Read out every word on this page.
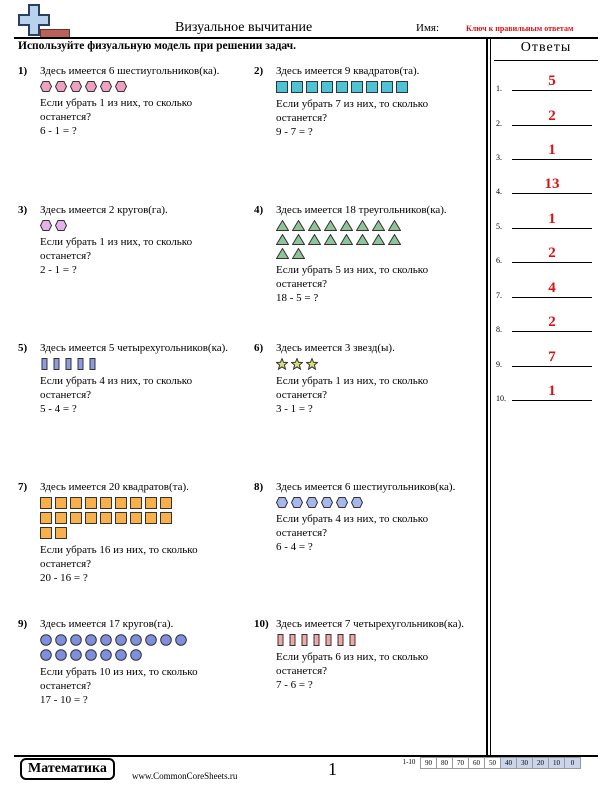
Визуальное вычитание	Имя:	Ключ к правильным ответам
Используйте физуальную модель при решении задач.	Ответы
1) Здесь имеется 6 шестиугольников(ка).
Если убрать 1 из них, то сколько останется?
6 - 1 = ?
2) Здесь имеется 9 квадратов(та).
Если убрать 7 из них, то сколько останется?
9 - 7 = ?
3) Здесь имеется 2 кругов(га).
Если убрать 1 из них, то сколько останется?
2 - 1 = ?
4) Здесь имеется 18 треугольников(ка).
Если убрать 5 из них, то сколько останется?
18 - 5 = ?
5) Здесь имеется 5 четырехугольников(ка).
Если убрать 4 из них, то сколько останется?
5 - 4 = ?
6) Здесь имеется 3 звезд(ы).
Если убрать 1 из них, то сколько останется?
3 - 1 = ?
7) Здесь имеется 20 квадратов(та).
Если убрать 16 из них, то сколько останется?
20 - 16 = ?
8) Здесь имеется 6 шестиугольников(ка).
Если убрать 4 из них, то сколько останется?
6 - 4 = ?
9) Здесь имеется 17 кругов(га).
Если убрать 10 из них, то сколько останется?
17 - 10 = ?
10) Здесь имеется 7 четырехугольников(ка).
Если убрать 6 из них, то сколько останется?
7 - 6 = ?
1.	5
2.	2
3.	1
4.	13
5.	1
6.	2
7.	4
8.	2
9.	7
10.	1
Математика	www.CommonCoreSheets.ru	1	1-10	90	80	70	60	50	40	30	20	10	0
